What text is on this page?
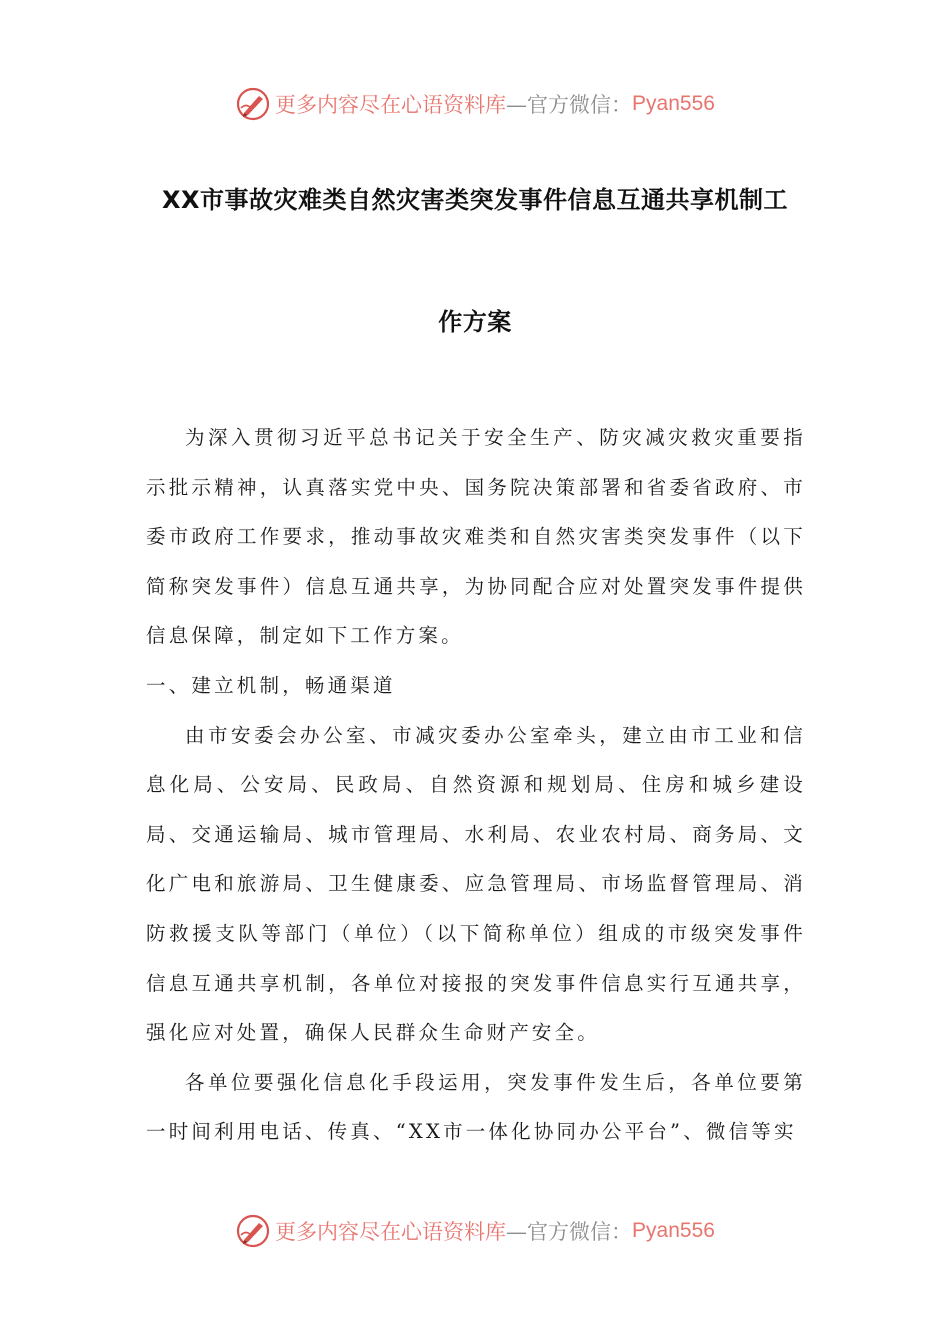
更多内容尽在心语资料库 —官方微信： Pyan556
XX市事故灾难类自然灾害类突发事件信息互通共享机制工
作方案

为深入贯彻习近平总书记关于安全生产、防灾减灾救灾重要指示批示精神，认真落实党中央、国务院决策部署和省委省政府、市委市政府工作要求，推动事故灾难类和自然灾害类突发事件（以下简称突发事件）信息互通共享，为协同配合应对处置突发事件提供信息保障，制定如下工作方案。

一、建立机制，畅通渠道

由市安委会办公室、市减灾委办公室牵头，建立由市工业和信息化局、公安局、民政局、自然资源和规划局、住房和城乡建设局、交通运输局、城市管理局、水利局、农业农村局、商务局、文化广电和旅游局、卫生健康委、应急管理局、市场监督管理局、消防救援支队等部门（单位）（以下简称单位）组成的市级突发事件信息互通共享机制，各单位对接报的突发事件信息实行互通共享，强化应对处置，确保人民群众生命财产安全。

各单位要强化信息化手段运用，突发事件发生后，各单位要第一时间利用电话、传真、“XX市一体化协同办公平台”、微信等实

更多内容尽在心语资料库 —官方微信： Pyan556
